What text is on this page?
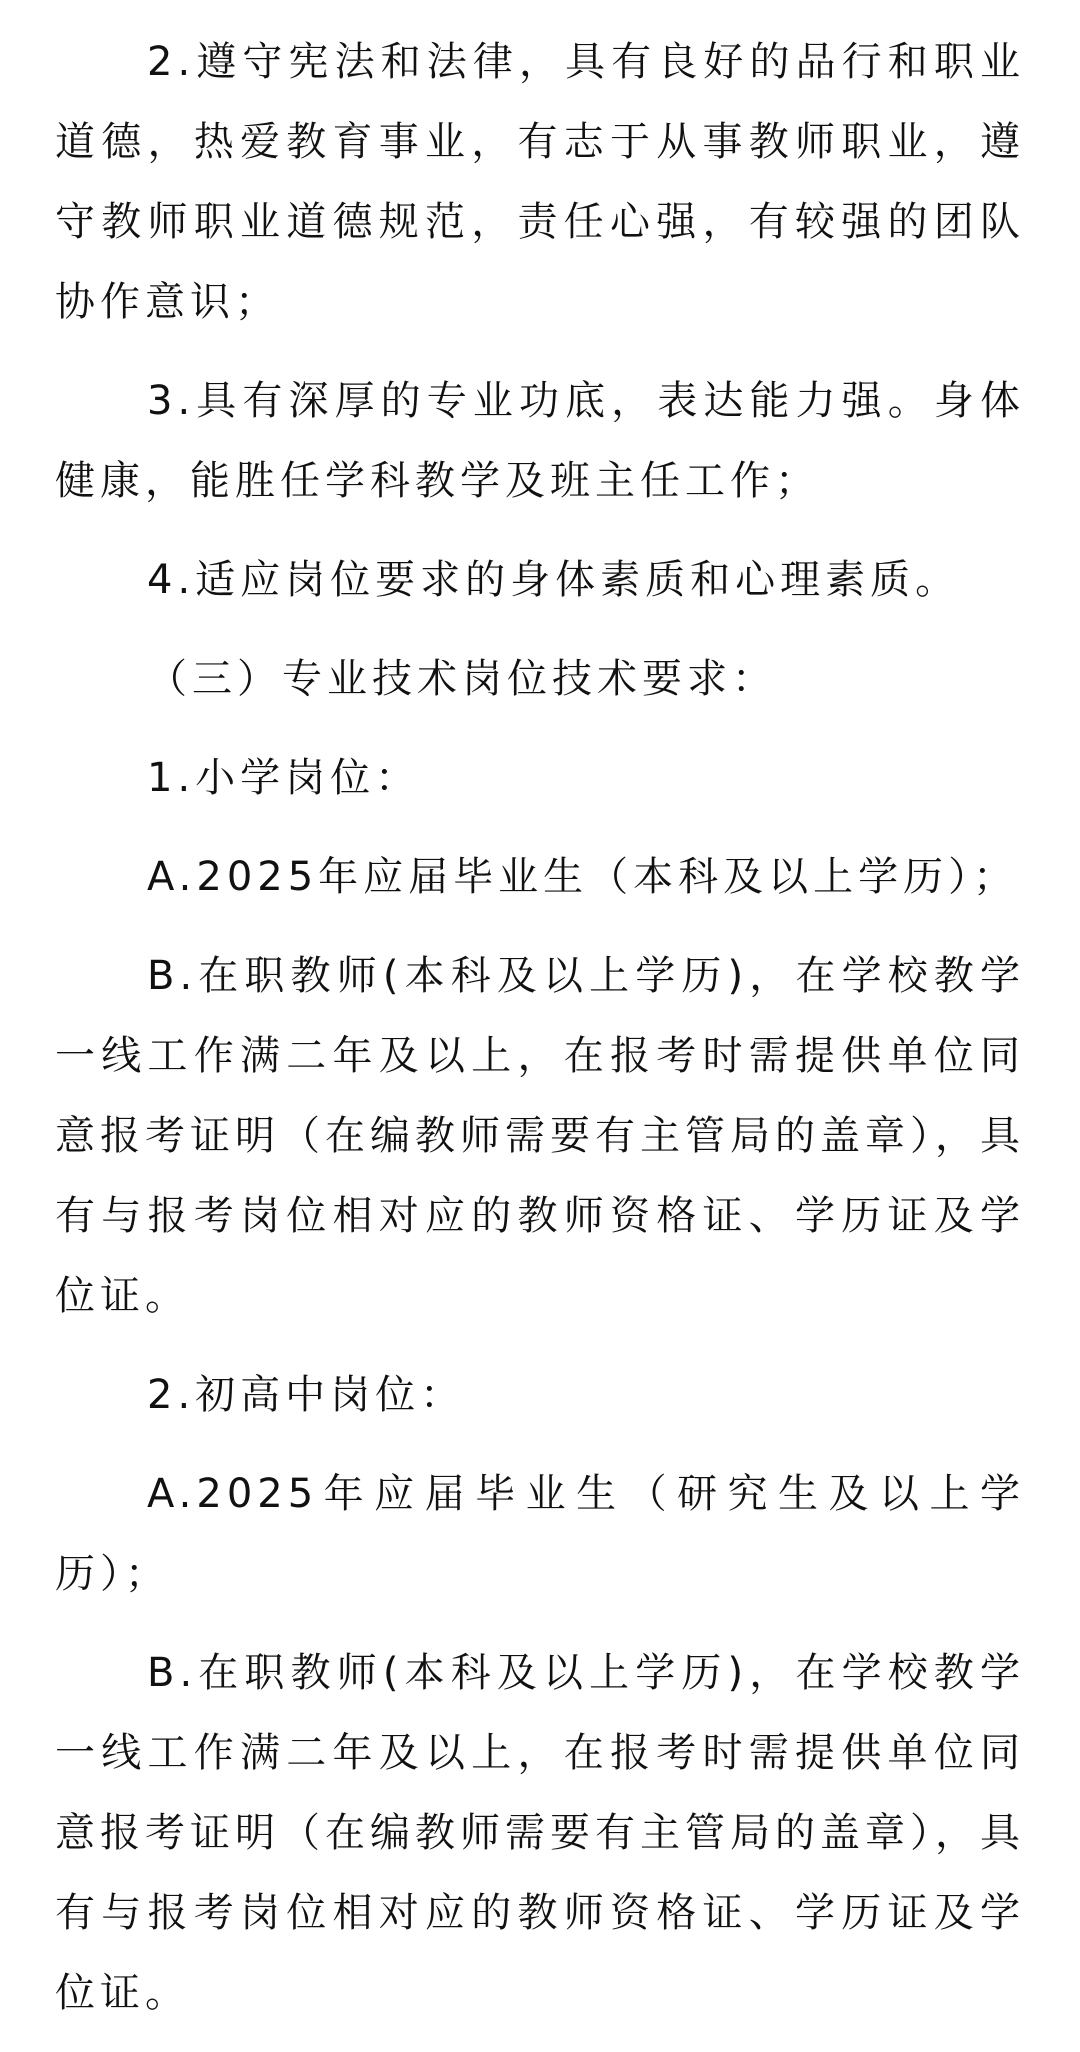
2.遵守宪法和法律，具有良好的品行和职业道德，热爱教育事业，有志于从事教师职业，遵守教师职业道德规范，责任心强，有较强的团队协作意识；

3.具有深厚的专业功底，表达能力强。身体健康，能胜任学科教学及班主任工作；

4.适应岗位要求的身体素质和心理素质。

（三）专业技术岗位技术要求：

1.小学岗位：

A.2025年应届毕业生（本科及以上学历）；

B.在职教师(本科及以上学历)，在学校教学一线工作满二年及以上，在报考时需提供单位同意报考证明（在编教师需要有主管局的盖章），具有与报考岗位相对应的教师资格证、学历证及学位证。

2.初高中岗位：

A.2025年应届毕业生（研究生及以上学历）；

B.在职教师(本科及以上学历)，在学校教学一线工作满二年及以上，在报考时需提供单位同意报考证明（在编教师需要有主管局的盖章），具有与报考岗位相对应的教师资格证、学历证及学位证。
